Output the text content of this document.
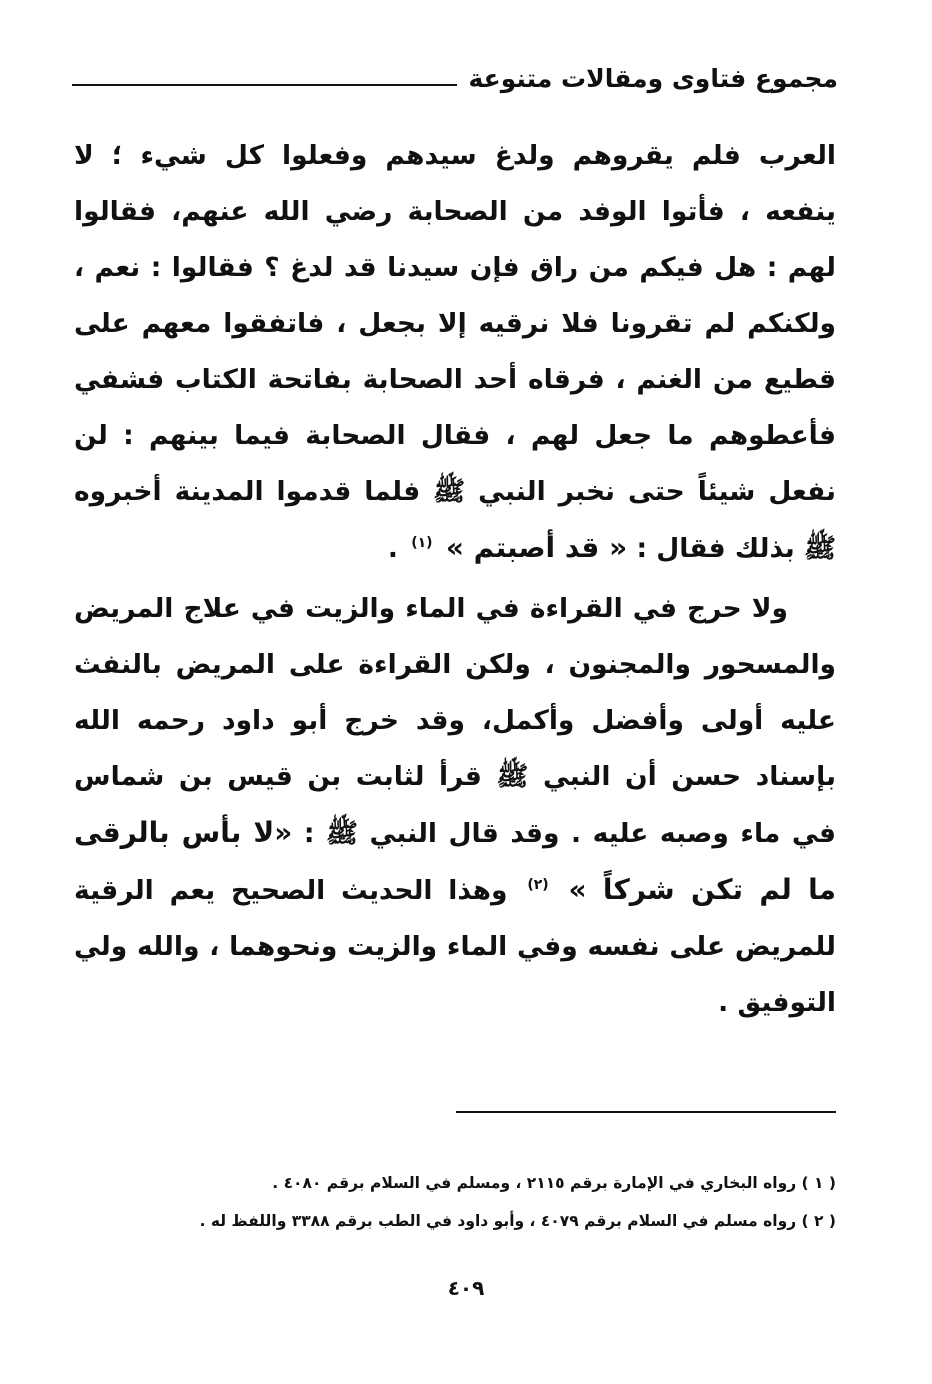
مجموع فتاوى ومقالات متنوعة

العرب فلم يقروهم ولدغ سيدهم وفعلوا كل شيء ؛ لا ينفعه ، فأتوا الوفد من الصحابة رضي الله عنهم، فقالوا لهم : هل فيكم من راق فإن سيدنا قد لدغ ؟ فقالوا : نعم ، ولكنكم لم تقرونا فلا نرقيه إلا بجعل ، فاتفقوا معهم على قطيع من الغنم ، فرقاه أحد الصحابة بفاتحة الكتاب فشفي فأعطوهم ما جعل لهم ، فقال الصحابة فيما بينهم : لن نفعل شيئاً حتى نخبر النبي ﷺ فلما قدموا المدينة أخبروه ﷺ بذلك فقال : « قد أصبتم » $^{(١)}$ .

ولا حرج في القراءة في الماء والزيت في علاج المريض والمسحور والمجنون ، ولكن القراءة على المريض بالنفث عليه أولى وأفضل وأكمل، وقد خرج أبو داود رحمه الله بإسناد حسن أن النبي ﷺ قرأ لثابت بن قيس بن شماس في ماء وصبه عليه . وقد قال النبي ﷺ : «لا بأس بالرقى ما لم تكن شركاً » $^{(٢)}$ وهذا الحديث الصحيح يعم الرقية للمريض على نفسه وفي الماء والزيت ونحوهما ، والله ولي التوفيق .

( ١ ) رواه البخاري في الإمارة برقم ٢١١٥ ، ومسلم في السلام برقم ٤٠٨٠ .
( ٢ ) رواه مسلم في السلام برقم ٤٠٧٩ ، وأبو داود في الطب برقم ٣٣٨٨ واللفظ له .
٤٠٩
